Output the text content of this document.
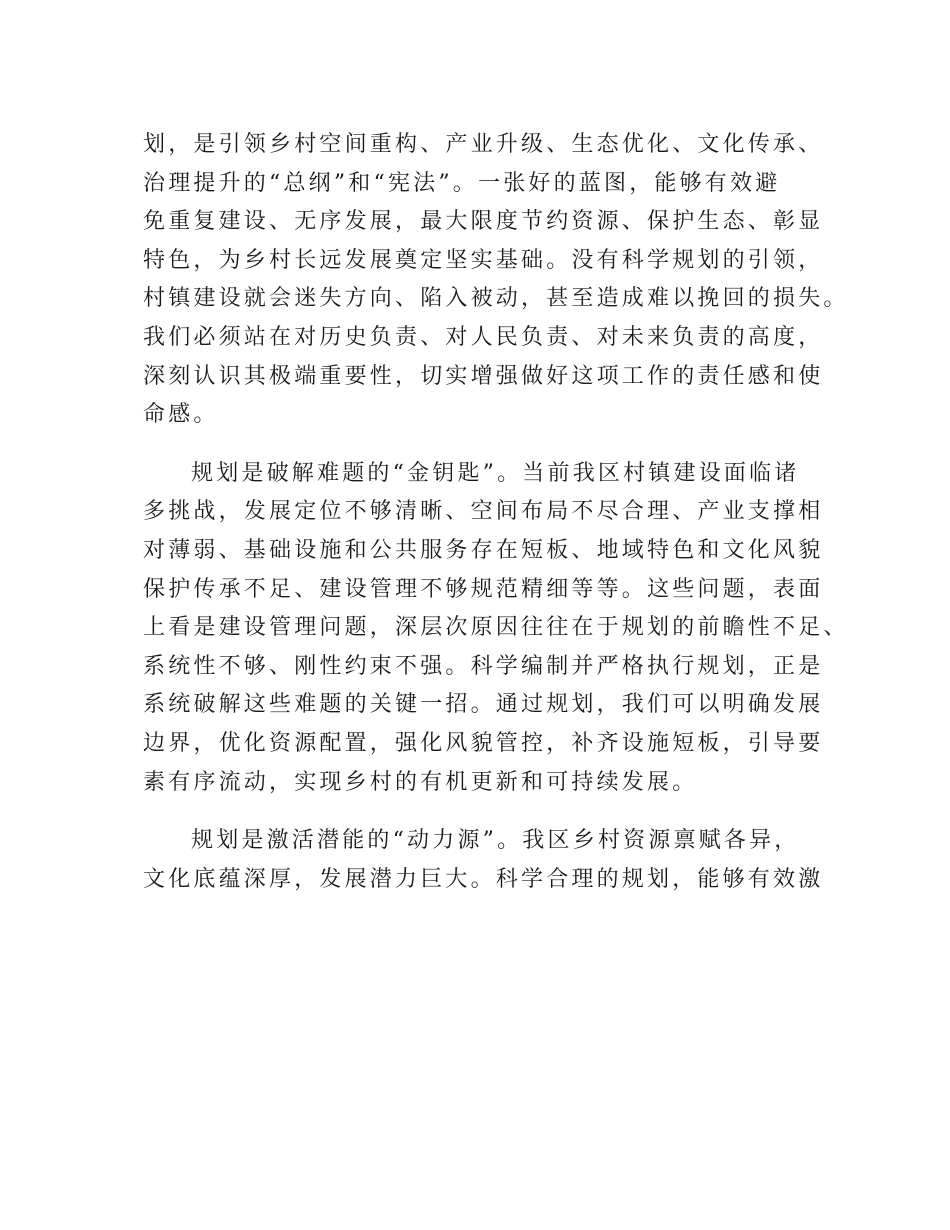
划，是引领乡村空间重构、产业升级、生态优化、文化传承、
治理提升的“总纲”和“宪法”。一张好的蓝图，能够有效避
免重复建设、无序发展，最大限度节约资源、保护生态、彰显
特色，为乡村长远发展奠定坚实基础。没有科学规划的引领，
村镇建设就会迷失方向、陷入被动，甚至造成难以挽回的损失。
我们必须站在对历史负责、对人民负责、对未来负责的高度，
深刻认识其极端重要性，切实增强做好这项工作的责任感和使
命感。
规划是破解难题的“金钥匙”。当前我区村镇建设面临诸
多挑战，发展定位不够清晰、空间布局不尽合理、产业支撑相
对薄弱、基础设施和公共服务存在短板、地域特色和文化风貌
保护传承不足、建设管理不够规范精细等等。这些问题，表面
上看是建设管理问题，深层次原因往往在于规划的前瞻性不足、
系统性不够、刚性约束不强。科学编制并严格执行规划，正是
系统破解这些难题的关键一招。通过规划，我们可以明确发展
边界，优化资源配置，强化风貌管控，补齐设施短板，引导要
素有序流动，实现乡村的有机更新和可持续发展。
规划是激活潜能的“动力源”。我区乡村资源禀赋各异，
文化底蕴深厚，发展潜力巨大。科学合理的规划，能够有效激
